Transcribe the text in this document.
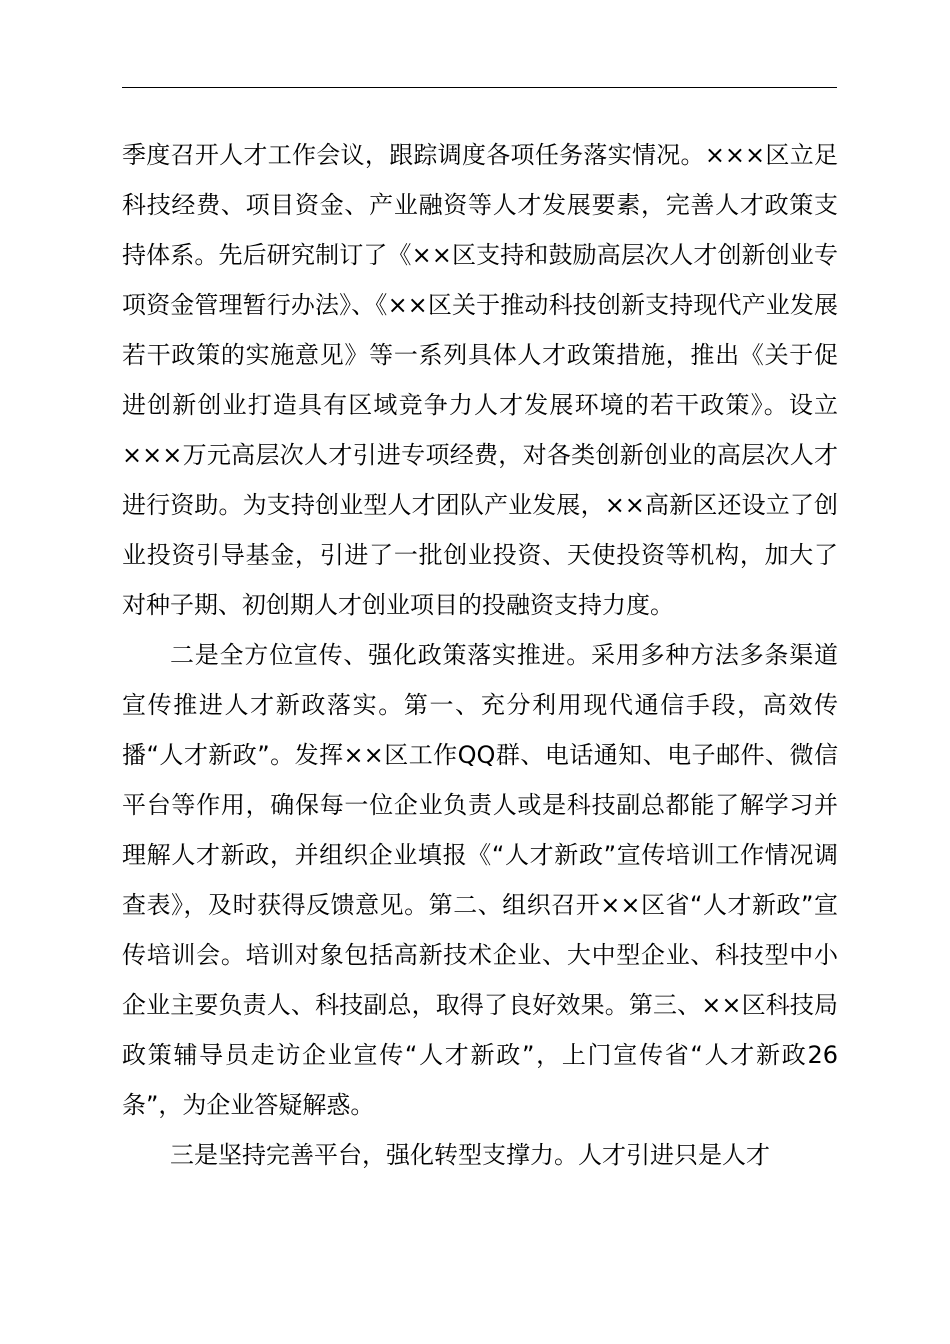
季度召开人才工作会议，跟踪调度各项任务落实情况。×××区立足科技经费、项目资金、产业融资等人才发展要素，完善人才政策支持体系。先后研究制订了《××区支持和鼓励高层次人才创新创业专项资金管理暂行办法》、《××区关于推动科技创新支持现代产业发展若干政策的实施意见》等一系列具体人才政策措施，推出《关于促进创新创业打造具有区域竞争力人才发展环境的若干政策》。设立×××万元高层次人才引进专项经费，对各类创新创业的高层次人才进行资助。为支持创业型人才团队产业发展，××高新区还设立了创业投资引导基金，引进了一批创业投资、天使投资等机构，加大了对种子期、初创期人才创业项目的投融资支持力度。

二是全方位宣传、强化政策落实推进。采用多种方法多条渠道宣传推进人才新政落实。第一、充分利用现代通信手段，高效传播“人才新政”。发挥××区工作QQ群、电话通知、电子邮件、微信平台等作用，确保每一位企业负责人或是科技副总都能了解学习并理解人才新政，并组织企业填报《“人才新政”宣传培训工作情况调查表》，及时获得反馈意见。第二、组织召开××区省“人才新政”宣传培训会。培训对象包括高新技术企业、大中型企业、科技型中小企业主要负责人、科技副总，取得了良好效果。第三、××区科技局政策辅导员走访企业宣传“人才新政”，上门宣传省“人才新政26条”，为企业答疑解惑。

三是坚持完善平台，强化转型支撑力。人才引进只是人才
